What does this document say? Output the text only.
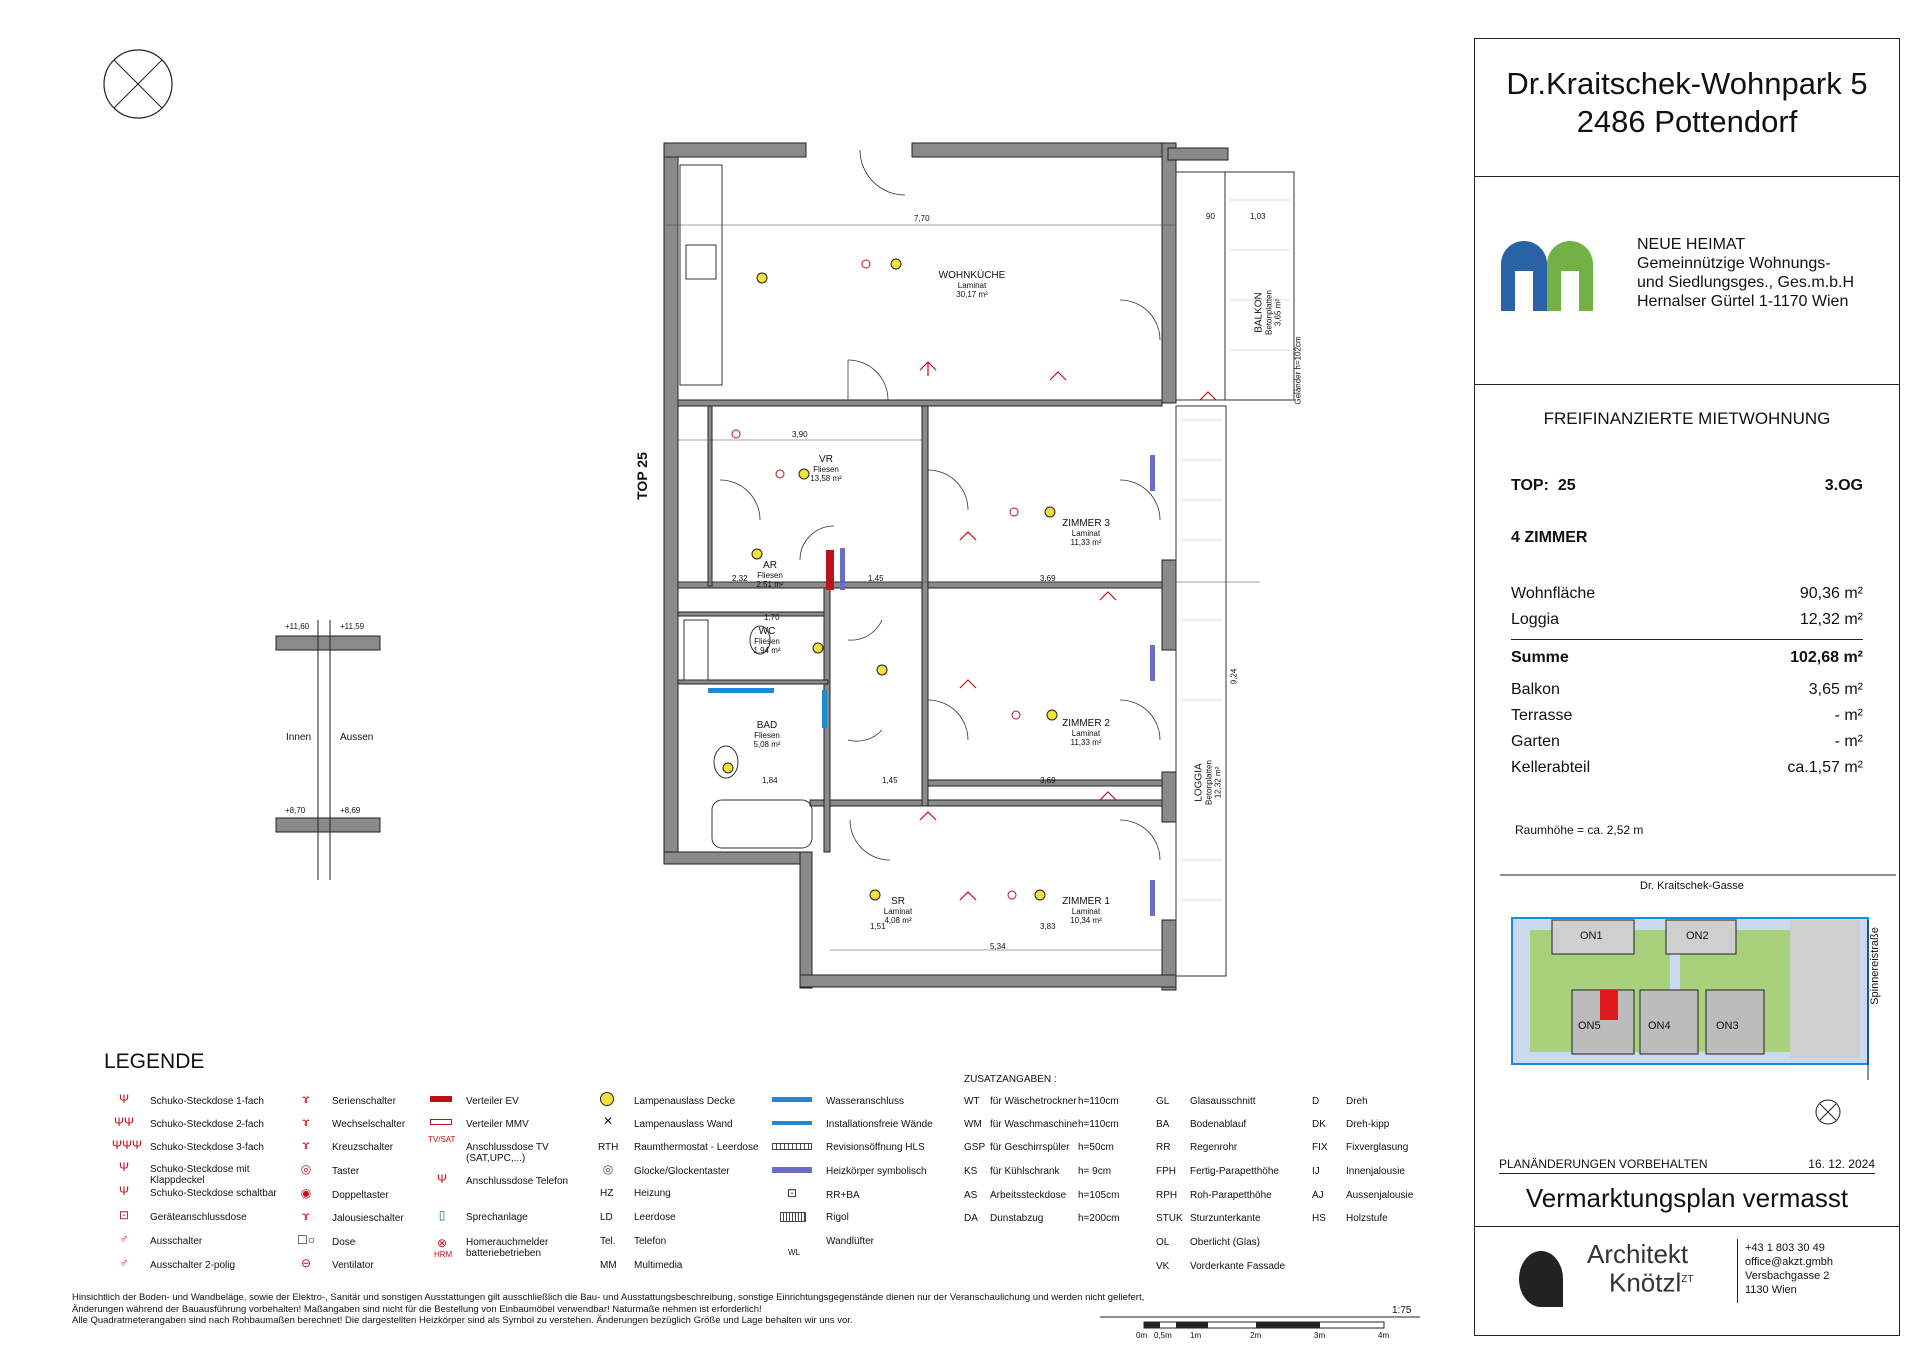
TOP 25
WOHNKÜCHE
Laminat
30,17 m²
VR
Fliesen
13,58 m²
AR
Fliesen
2,51 m²
WC
Fliesen
1,94 m²
BAD
Fliesen
5,08 m²
SR
Laminat
4,08 m²
ZIMMER 3
Laminat
11,33 m²
ZIMMER 2
Laminat
11,33 m²
ZIMMER 1
Laminat
10,34 m²
BALKON Betonplatten 3,65 m²
LOGGIA Betonplatten 12,32 m²
Geländer h=102cm
7,70
3,90
1,45	3,69
1,70
5,34
3,83
1,51
3,69
1,45
2,32
1,84
90	1,03
9,24
+11,60	+11,59
Innen	Aussen
+8,70	+8,69
Dr. Kraitschek-Gasse
Spinnereistraße
ON1	ON2
ON5	ON4	ON3
Dr.Kraitschek-Wohnpark 5
2486 Pottendorf
NEUE HEIMAT
Gemeinnützige Wohnungs-
und Siedlungsges., Ges.m.b.H
Hernalser Gürtel 1-1170 Wien
FREIFINANZIERTE MIETWOHNUNG
TOP: 25	3.OG
4 ZIMMER
Wohnfläche	90,36 m²
Loggia	12,32 m²
Summe	102,68 m²
Balkon	3,65 m²
Terrasse	- m²
Garten	- m²
Kellerabteil	ca.1,57 m²
Raumhöhe = ca. 2,52 m
PLANÄNDERUNGEN VORBEHALTEN	16. 12. 2024
Vermarktungsplan vermasst
Architekt
Knötzl$^{ZT}$
+43 1 803 30 49
office@akzt.gmbh
Versbachgasse 2
1130 Wien
LEGENDE
Ψ	Schuko-Steckdose 1-fach
ΨΨ Schuko-Steckdose 2-fach
ΨΨΨ Schuko-Steckdose 3-fach
Ψ	Schuko-Steckdose mit Klappdeckel
Ψ	Schuko-Steckdose schaltbar
⊡	Geräteanschlussdose
♂	Ausschalter
♂	Ausschalter 2-polig
ɤ	Serienschalter
ɤ	Wechselschalter
ɤ	Kreuzschalter
◎	Taster
◉	Doppeltaster
ɤ	Jalousieschalter
☐○	Dose
⊖	Ventilator
Verteiler EV
Verteiler MMV
TV/SAT
Anschlussdose TV (SAT,UPC,...)
Ψ	Anschlussdose Telefon
▯	Sprechanlage
⊗
HRM
Homerauchmelder batteriebetrieben
Lampenauslass Decke
✕	Lampenauslass Wand
RTH Raumthermostat - Leerdose
◎	Glocke/Glockentaster
HZ Heizung
LD Leerdose
Tel. Telefon
MM Multimedia
Wasseranschluss
Installationsfreie Wände
Revisionsöffnung HLS
Heizkörper symbolisch
⊡	RR+BA
Rigol
WL
Wandlüfter
ZUSATZANGABEN :
WT für Wäschetrockner h=110cm
WM für Waschmaschine h=110cm
GSP für Geschirrspüler h=50cm
KS für Kühlschrank h= 9cm
AS Arbeitssteckdose h=105cm
DA Dunstabzug	h=200cm
GL Glasausschnitt
BA Bodenablauf
RR Regenrohr
FPH Fertig-Parapetthöhe
RPH Roh-Parapetthöhe
STUK Sturzunterkante
OL Oberlicht (Glas)
VK Vorderkante Fassade
D	Dreh
DK Dreh-kipp
FIX Fixverglasung
IJ	Innenjalousie
AJ Aussenjalousie
HS Holzstufe
Hinsichtlich der Boden- und Wandbeläge, sowie der Elektro-, Sanitär und sonstigen Ausstattungen gilt ausschließlich die Bau- und Ausstattungsbeschreibung, sonstige Einrichtungsgegenstände dienen nur der Veranschaulichung und werden nicht geliefert,
Änderungen während der Bauausführung vorbehalten! Maßangaben sind nicht für die Bestellung von Einbaumöbel verwendbar! Naturmaße nehmen ist erforderlich!
Alle Quadratmeterangaben sind nach Rohbaumaßen berechnet! Die dargestellten Heizkörper sind als Symbol zu verstehen. Änderungen bezüglich Größe und Lage behalten wir uns vor.
1:75
0m 0,5m 1m	2m	3m	4m
